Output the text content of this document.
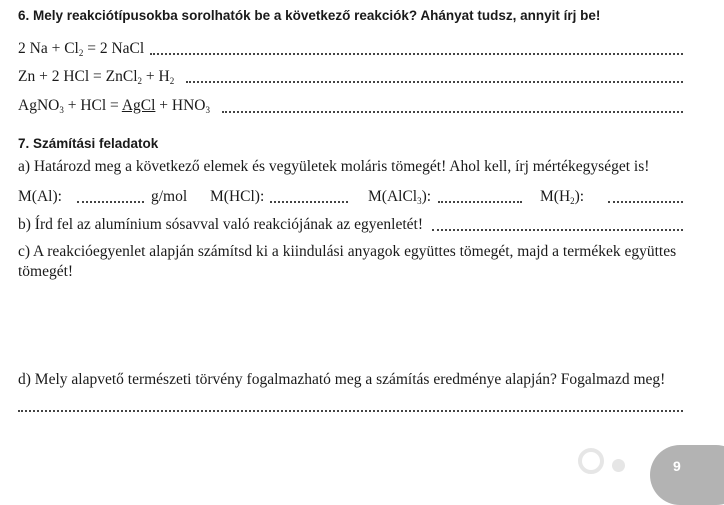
6. Mely reakciótípusokba sorolhatók be a következő reakciók? Ahányat tudsz, annyit írj be!
2 $Na + Cl_2 = 2$ NaCl
Zn + 2 HCl = ZnCl$_2$ + $H_2$
AgNO$_3$ + HCl = AgCl + $HNO_3$
7. Számítási feladatok
a) Határozd meg a következő elemek és vegyületek moláris tömegét! Ahol kell, írj mértékegységet is!
M(Al):	g/mol M(HCl):	M(AlCl$_3$):	$M(H_2)$:
b) Írd fel az alumínium sósavval való reakciójának az egyenletét!
c) A reakcióegyenlet alapján számítsd ki a kiindulási anyagok együttes tömegét, majd a termékek együttes
tömegét!
d) Mely alapvető természeti törvény fogalmazható meg a számítás eredménye alapján? Fogalmazd meg!
9
